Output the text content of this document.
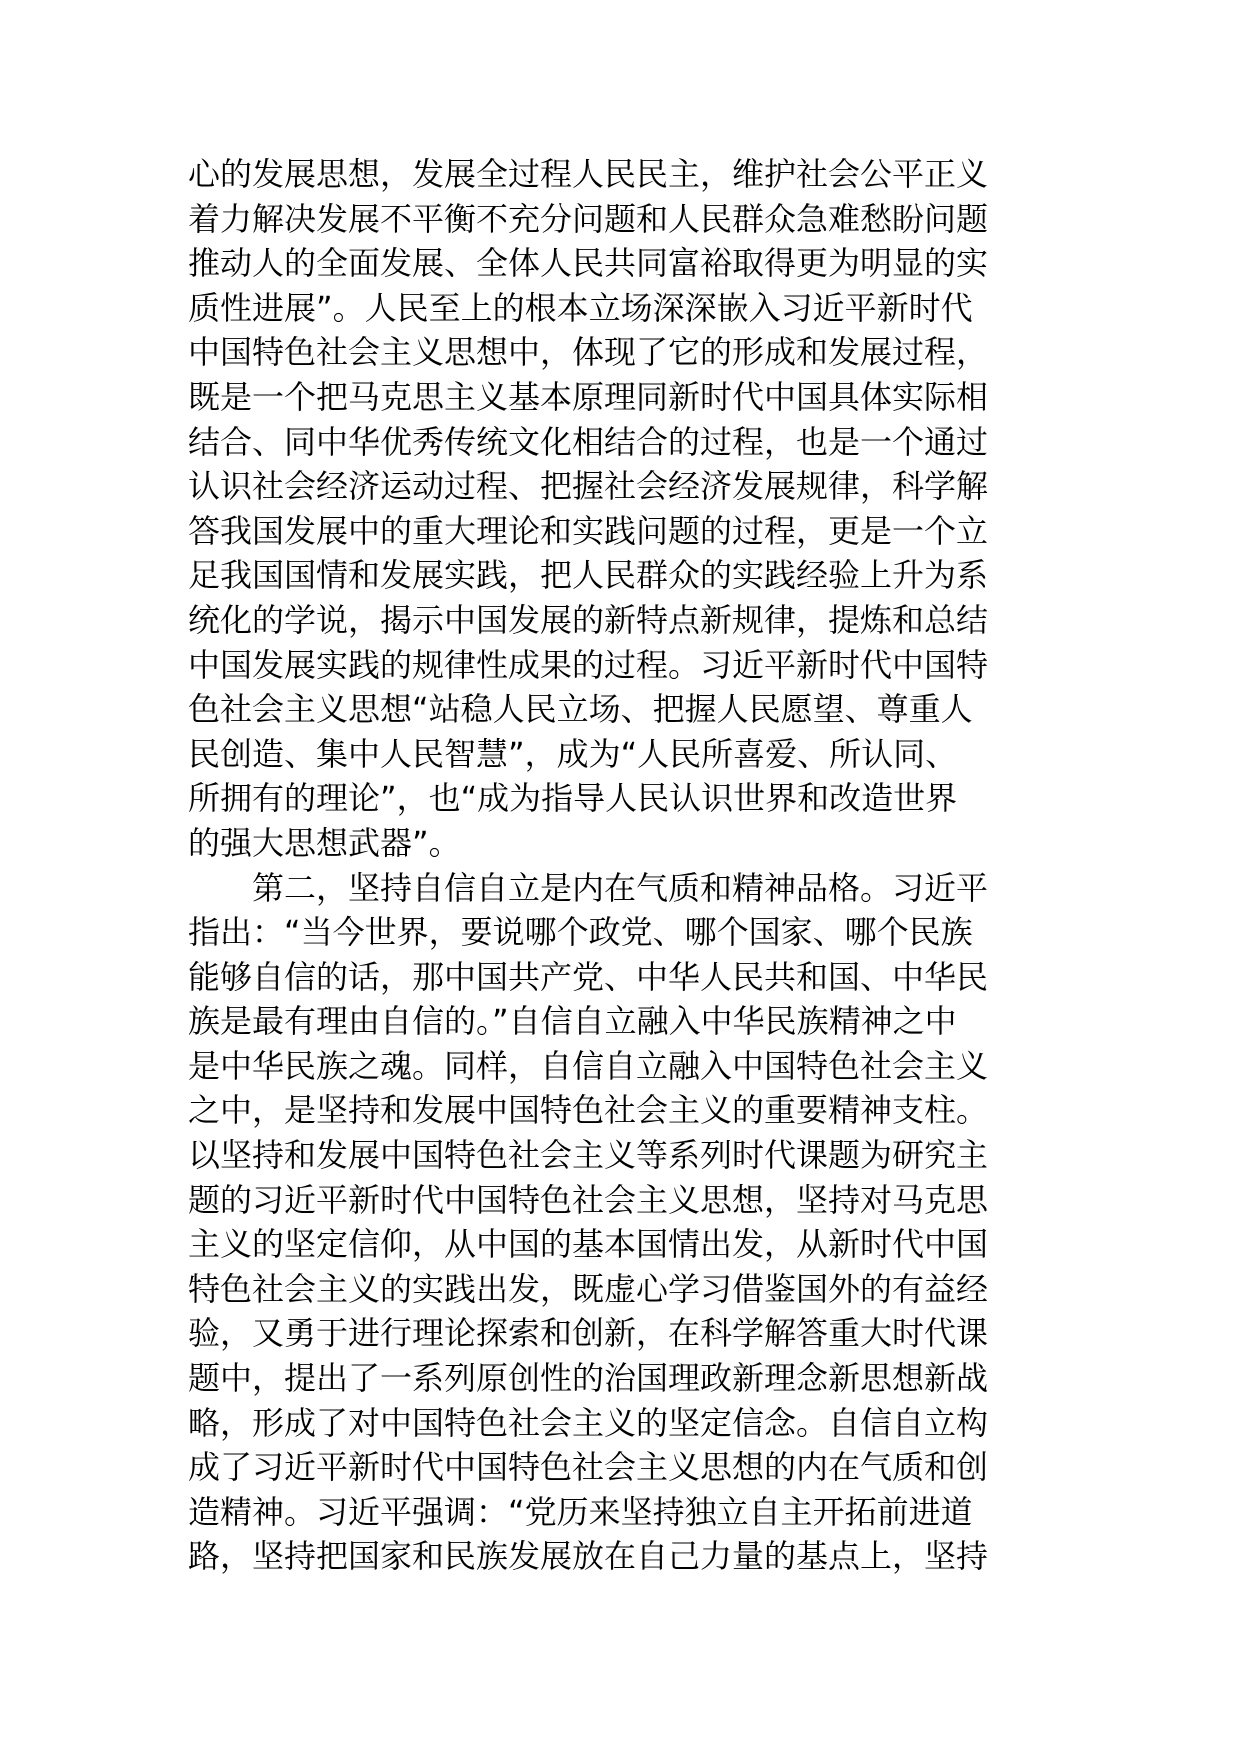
心的发展思想，发展全过程人民民主，维护社会公平正义
着力解决发展不平衡不充分问题和人民群众急难愁盼问题
推动人的全面发展、全体人民共同富裕取得更为明显的实
质性进展”。人民至上的根本立场深深嵌入习近平新时代
中国特色社会主义思想中，体现了它的形成和发展过程，
既是一个把马克思主义基本原理同新时代中国具体实际相
结合、同中华优秀传统文化相结合的过程，也是一个通过
认识社会经济运动过程、把握社会经济发展规律，科学解
答我国发展中的重大理论和实践问题的过程，更是一个立
足我国国情和发展实践，把人民群众的实践经验上升为系
统化的学说，揭示中国发展的新特点新规律，提炼和总结
中国发展实践的规律性成果的过程。习近平新时代中国特
色社会主义思想“站稳人民立场、把握人民愿望、尊重人
民创造、集中人民智慧”，成为“人民所喜爱、所认同、
所拥有的理论”，也“成为指导人民认识世界和改造世界
的强大思想武器”。
第二，坚持自信自立是内在气质和精神品格。习近平
指出：“当今世界，要说哪个政党、哪个国家、哪个民族
能够自信的话，那中国共产党、中华人民共和国、中华民
族是最有理由自信的。”自信自立融入中华民族精神之中
是中华民族之魂。同样，自信自立融入中国特色社会主义
之中，是坚持和发展中国特色社会主义的重要精神支柱。
以坚持和发展中国特色社会主义等系列时代课题为研究主
题的习近平新时代中国特色社会主义思想，坚持对马克思
主义的坚定信仰，从中国的基本国情出发，从新时代中国
特色社会主义的实践出发，既虚心学习借鉴国外的有益经
验，又勇于进行理论探索和创新，在科学解答重大时代课
题中，提出了一系列原创性的治国理政新理念新思想新战
略，形成了对中国特色社会主义的坚定信念。自信自立构
成了习近平新时代中国特色社会主义思想的内在气质和创
造精神。习近平强调：“党历来坚持独立自主开拓前进道
路，坚持把国家和民族发展放在自己力量的基点上，坚持
